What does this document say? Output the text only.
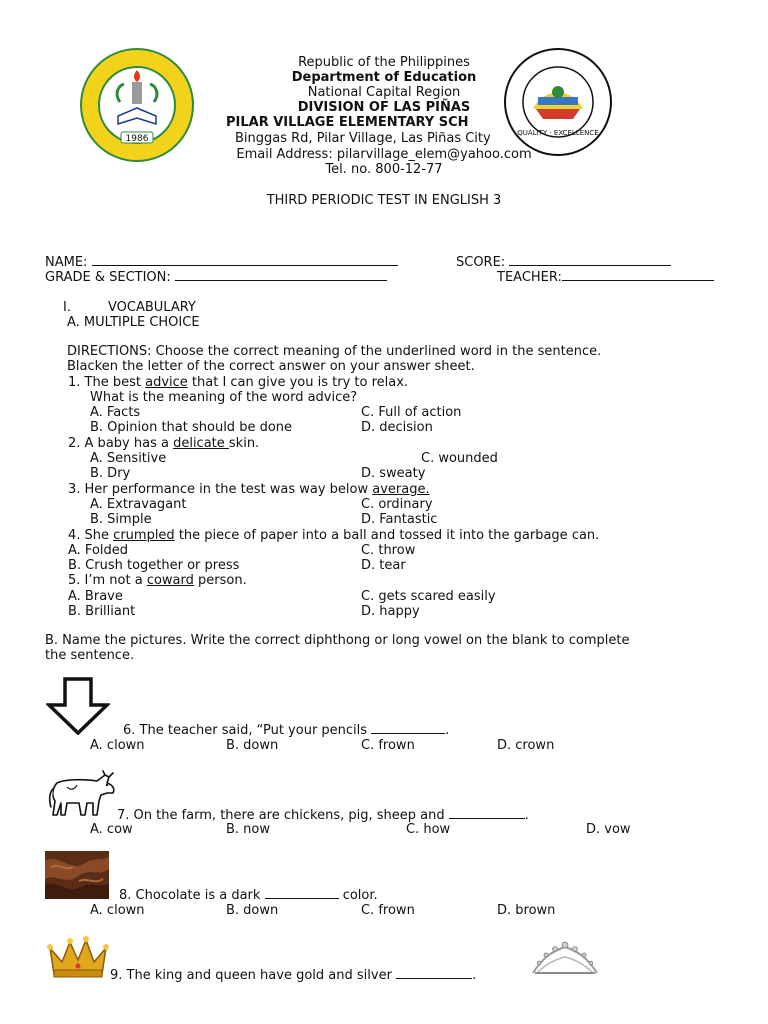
1986
QUALITY · EXCELLENCE
Republic of the Philippines
Department of Education
National Capital Region
DIVISION OF LAS PIÑAS
PILAR VILLAGE ELEMENTARY SCH
Binggas Rd, Pilar Village, Las Piñas City
Email Address: pilarvillage_elem@yahoo.com
Tel. no. 800-12-77
THIRD PERIODIC TEST IN ENGLISH 3
NAME:	SCORE:
GRADE & SECTION:	TEACHER:
I.	VOCABULARY
A. MULTIPLE CHOICE
DIRECTIONS: Choose the correct meaning of the underlined word in the sentence.
Blacken the letter of the correct answer on your answer sheet.
1. The best advice that I can give you is try to relax.
What is the meaning of the word advice?
A. Facts	C. Full of action
B. Opinion that should be done	D. decision
2. A baby has a delicate skin.
A. Sensitive	C. wounded
B. Dry	D. sweaty
3. Her performance in the test was way below average.
A. Extravagant	C. ordinary
B. Simple	D. Fantastic
4. She crumpled the piece of paper into a ball and tossed it into the garbage can.
A. Folded	C. throw
B. Crush together or press	D. tear
5. I’m not a coward person.
A. Brave	C. gets scared easily
B. Brilliant	D. happy
B. Name the pictures. Write the correct diphthong or long vowel on the blank to complete
the sentence.
6. The teacher said, “Put your pencils	.
A. clown	B. down	C. frown	D. crown
7. On the farm, there are chickens, pig, sheep and	.
A. cow	B. now	C. how	D. vow
8. Chocolate is a dark	color.
A. clown	B. down	C. frown	D. brown
9. The king and queen have gold and silver	.
